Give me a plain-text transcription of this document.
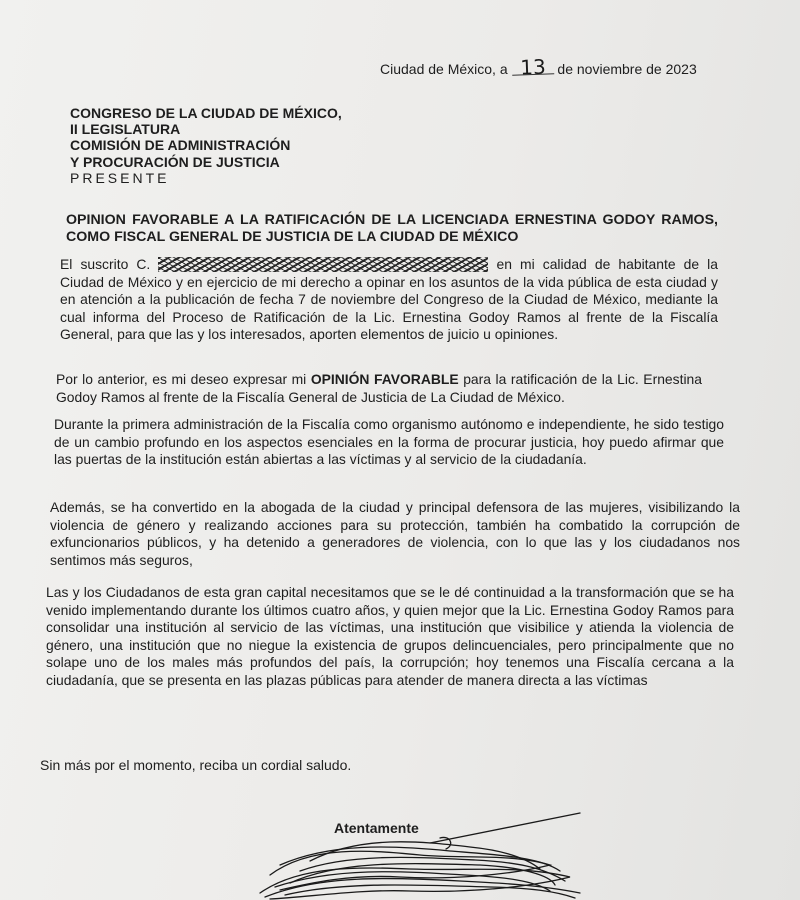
Ciudad de México, a 13 de noviembre de 2023
CONGRESO DE LA CIUDAD DE MÉXICO,
II LEGISLATURA
COMISIÓN DE ADMINISTRACIÓN
Y PROCURACIÓN DE JUSTICIA
PRESENTE
OPINION FAVORABLE A LA RATIFICACIÓN DE LA LICENCIADA ERNESTINA GODOY RAMOS, COMO FISCAL GENERAL DE JUSTICIA DE LA CIUDAD DE MÉXICO
El suscrito C.	en mi calidad de habitante de la Ciudad de México y en ejercicio de mi derecho a opinar en los asuntos de la vida pública de esta ciudad y en atención a la publicación de fecha 7 de noviembre del Congreso de la Ciudad de México, mediante la cual informa del Proceso de Ratificación de la Lic. Ernestina Godoy Ramos al frente de la Fiscalía General, para que las y los interesados, aporten elementos de juicio u opiniones.
Por lo anterior, es mi deseo expresar mi OPINIÓN FAVORABLE para la ratificación de la Lic. Ernestina Godoy Ramos al frente de la Fiscalía General de Justicia de La Ciudad de México.
Durante la primera administración de la Fiscalía como organismo autónomo e independiente, he sido testigo de un cambio profundo en los aspectos esenciales en la forma de procurar justicia, hoy puedo afirmar que las puertas de la institución están abiertas a las víctimas y al servicio de la ciudadanía.
Además, se ha convertido en la abogada de la ciudad y principal defensora de las mujeres, visibilizando la violencia de género y realizando acciones para su protección, también ha combatido la corrupción de exfuncionarios públicos, y ha detenido a generadores de violencia, con lo que las y los ciudadanos nos sentimos más seguros,
Las y los Ciudadanos de esta gran capital necesitamos que se le dé continuidad a la transformación que se ha venido implementando durante los últimos cuatro años, y quien mejor que la Lic. Ernestina Godoy Ramos para consolidar una institución al servicio de las víctimas, una institución que visibilice y atienda la violencia de género, una institución que no niegue la existencia de grupos delincuenciales, pero principalmente que no solape uno de los males más profundos del país, la corrupción; hoy tenemos una Fiscalía cercana a la ciudadanía, que se presenta en las plazas públicas para atender de manera directa a las víctimas
Sin más por el momento, reciba un cordial saludo.
Atentamente
